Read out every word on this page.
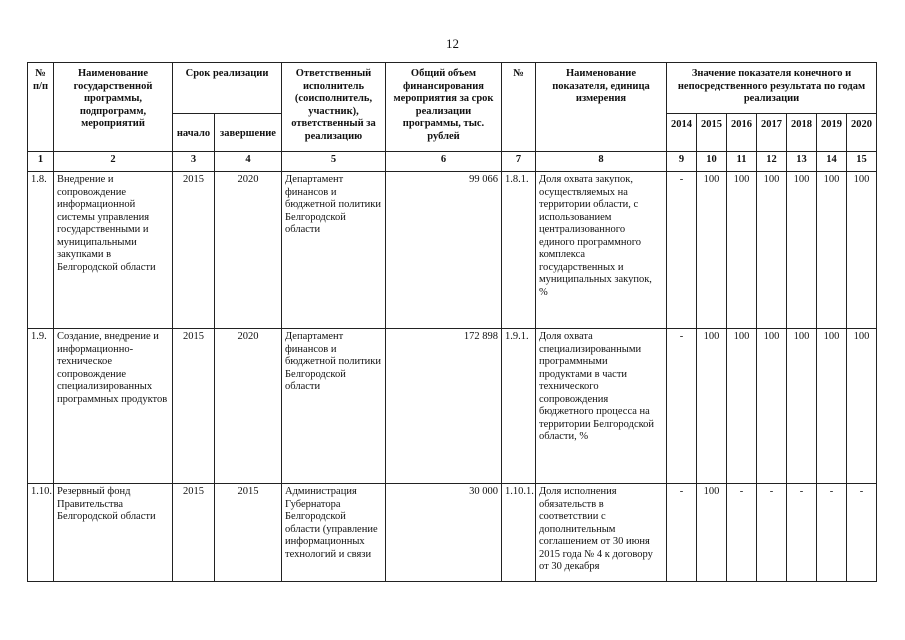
12
№ п/п	Наименование государственной программы, подпрограмм, мероприятий	Срок реализации		Ответственный исполнитель (соисполнитель, участник), ответственный за реализацию	Общий объем финансирования мероприятия за срок реализации программы, тыс. рублей	№	Наименование показателя, единица измерения	Значение показателя конечного и непосредственного результата по годам реализации						
		начало	завершение					2014	2015	2016	2017	2018	2019	2020
1	2	3	4	5	6	7	8	9	10	11	12	13	14	15
1.8.	Внедрение и сопровождение информационной системы управления государственными и муниципальными закупками в Белгородской области	2015	2020	Департамент финансов и бюджетной политики Белгородской области	99 066	1.8.1.	Доля охвата закупок, осуществляемых на территории области, с использованием централизованного единого программного комплекса государственных и муниципальных закупок, %	-	100	100	100	100	100	100
1.9.	Создание, внедрение и информационно-техническое сопровождение специализированных программных продуктов	2015	2020	Департамент финансов и бюджетной политики Белгородской области	172 898	1.9.1.	Доля охвата специализированными программными продуктами в части технического сопровождения бюджетного процесса на территории Белгородской области, %	-	100	100	100	100	100	100
1.10.	Резервный фонд Правительства Белгородской области	2015	2015	Администрация Губернатора Белгородской области (управление информационных технологий и связи	30 000	1.10.1.	Доля исполнения обязательств в соответствии с дополнительным соглашением от 30 июня 2015 года № 4 к договору от 30 декабря	-	100	-	-	-	-	-
